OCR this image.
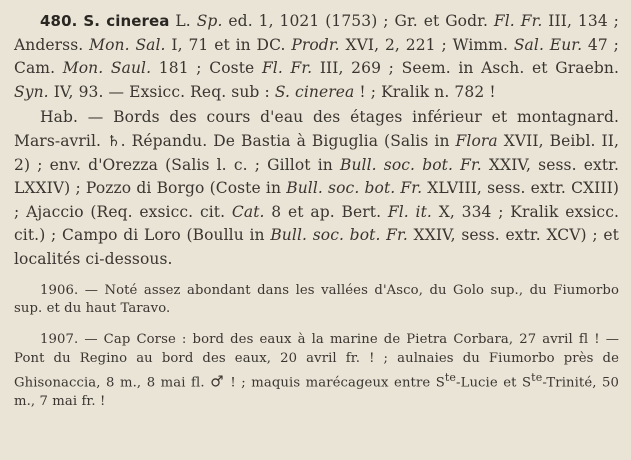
480. S. cinerea L. Sp. ed. 1, 1021 (1753) ; Gr. et Godr. Fl. Fr. III, 134 ; Anderss. Mon. Sal. I, 71 et in DC. Prodr. XVI, 2, 221 ; Wimm. Sal. Eur. 47 ; Cam. Mon. Saul. 181 ; Coste Fl. Fr. III, 269 ; Seem. in Asch. et Graebn. Syn. IV, 93. — Exsicc. Req. sub : S. cinerea ! ; Kralik n. 782 !

Hab. — Bords des cours d'eau des étages inférieur et montagnard. Mars-avril. ♄. Répandu. De Bastia à Biguglia (Salis in Flora XVII, Beibl. II, 2) ; env. d'Orezza (Salis l. c. ; Gillot in Bull. soc. bot. Fr. XXIV, sess. extr. LXXIV) ; Pozzo di Borgo (Coste in Bull. soc. bot. Fr. XLVIII, sess. extr. CXIII) ; Ajaccio (Req. exsicc. cit. Cat. 8 et ap. Bert. Fl. it. X, 334 ; Kralik exsicc. cit.) ; Campo di Loro (Boullu in Bull. soc. bot. Fr. XXIV, sess. extr. XCV) ; et localités ci-dessous.

1906. — Noté assez abondant dans les vallées d'Asco, du Golo sup., du Fiumorbo sup. et du haut Taravo.

1907. — Cap Corse : bord des eaux à la marine de Pietra Corbara, 27 avril fl ! — Pont du Regino au bord des eaux, 20 avril fr. ! ; aulnaies du Fiumorbo près de Ghisonaccia, 8 m., 8 mai fl. ♂ ! ; maquis marécageux entre $S^{te}$-Lucie et $S^{te}$-Trinité, 50 m., 7 mai fr. !
